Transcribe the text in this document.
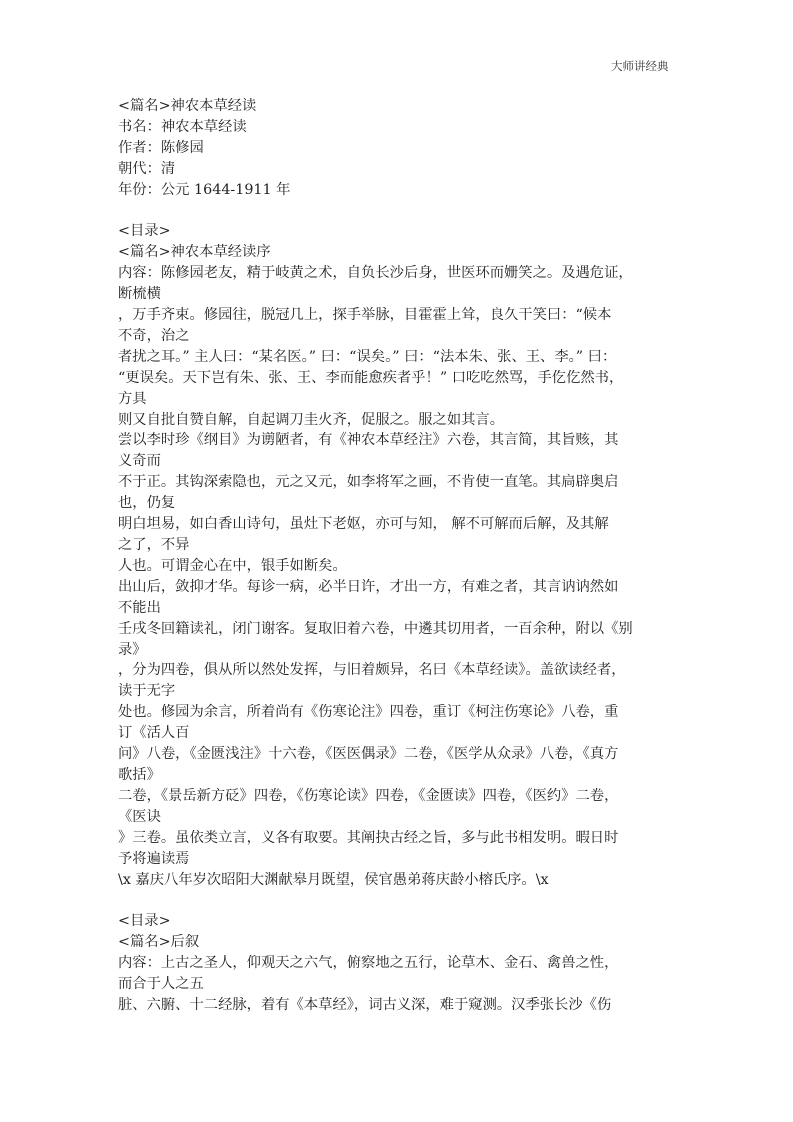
大师讲经典
<篇名>神农本草经读
书名：神农本草经读
作者：陈修园
朝代：清
年份：公元 1644-1911 年
<目录>
<篇名>神农本草经读序
内容：陈修园老友，精于岐黄之术，自负长沙后身，世医环而姗笑之。及遇危证，
断梳横
，万手齐束。修园往，脱冠几上，探手举脉，目霍霍上耸，良久干笑曰：“候本
不奇，治之
者扰之耳。” 主人曰：“某名医。” 曰：“误矣。” 曰：“法本朱、张、王、李。” 曰：
“更误矣。天下岂有朱、张、王、李而能愈疾者乎！” 口吃吃然骂，手仡仡然书，
方具
则又自批自赞自解，自起调刀圭火齐，促服之。服之如其言。
尝以李时珍《纲目》为谫陋者，有《神农本草经注》六卷，其言简，其旨赅，其
义奇而
不于正。其钩深索隐也，元之又元，如李将军之画，不肯使一直笔。其扃辟奥启
也，仍复
明白坦易，如白香山诗句，虽灶下老妪，亦可与知， 解不可解而后解，及其解
之了，不异
人也。可谓金心在中，银手如断矣。
出山后，敛抑才华。每诊一病，必半日许，才出一方，有难之者，其言讷讷然如
不能出
壬戌冬回籍读礼，闭门谢客。复取旧着六卷，中遴其切用者，一百余种，附以《别
录》
，分为四卷，俱从所以然处发挥，与旧着颇异，名曰《本草经读》。盖欲读经者，
读于无字
处也。修园为余言，所着尚有《伤寒论注》四卷，重订《柯注伤寒论》八卷，重
订《活人百
问》八卷，《金匮浅注》十六卷，《医医偶录》二卷，《医学从众录》八卷，《真方
歌括》
二卷，《景岳新方砭》四卷，《伤寒论读》四卷，《金匮读》四卷，《医约》二卷，
《医诀
》三卷。虽依类立言，义各有取要。其阐抉古经之旨，多与此书相发明。暇日时
予将遍读焉
\x 嘉庆八年岁次昭阳大渊献皋月既望，侯官愚弟蒋庆龄小榕氏序。\x
<目录>
<篇名>后叙
内容：上古之圣人，仰观天之六气，俯察地之五行，论草木、金石、禽兽之性，
而合于人之五
脏、六腑、十二经脉，着有《本草经》，词古义深，难于窥测。汉季张长沙《伤
